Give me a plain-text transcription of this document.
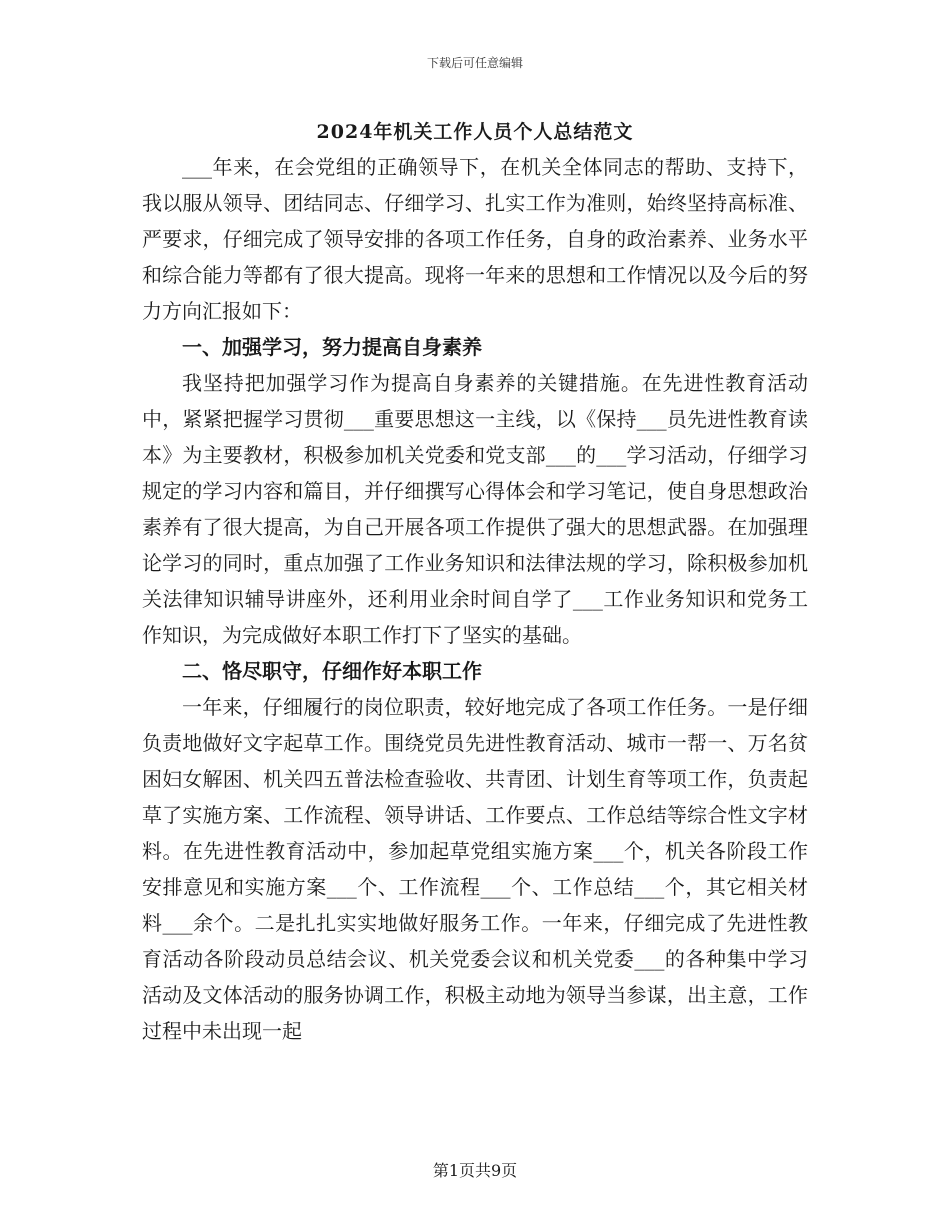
下载后可任意编辑
2024年机关工作人员个人总结范文

___年来，在会党组的正确领导下，在机关全体同志的帮助、支持下，我以服从领导、团结同志、仔细学习、扎实工作为准则，始终坚持高标准、严要求，仔细完成了领导安排的各项工作任务，自身的政治素养、业务水平和综合能力等都有了很大提高。现将一年来的思想和工作情况以及今后的努力方向汇报如下：

一、加强学习，努力提高自身素养

我坚持把加强学习作为提高自身素养的关键措施。在先进性教育活动中，紧紧把握学习贯彻___重要思想这一主线，以《保持___员先进性教育读本》为主要教材，积极参加机关党委和党支部___的___学习活动，仔细学习规定的学习内容和篇目，并仔细撰写心得体会和学习笔记，使自身思想政治素养有了很大提高，为自己开展各项工作提供了强大的思想武器。在加强理论学习的同时，重点加强了工作业务知识和法律法规的学习，除积极参加机关法律知识辅导讲座外，还利用业余时间自学了___工作业务知识和党务工作知识，为完成做好本职工作打下了坚实的基础。

二、恪尽职守，仔细作好本职工作

一年来，仔细履行的岗位职责，较好地完成了各项工作任务。一是仔细负责地做好文字起草工作。围绕党员先进性教育活动、城市一帮一、万名贫困妇女解困、机关四五普法检查验收、共青团、计划生育等项工作，负责起草了实施方案、工作流程、领导讲话、工作要点、工作总结等综合性文字材料。在先进性教育活动中，参加起草党组实施方案___个，机关各阶段工作安排意见和实施方案___个、工作流程___个、工作总结___个，其它相关材料___余个。二是扎扎实实地做好服务工作。一年来，仔细完成了先进性教育活动各阶段动员总结会议、机关党委会议和机关党委___的各种集中学习活动及文体活动的服务协调工作，积极主动地为领导当参谋，出主意，工作过程中未出现一起

第1页共9页
